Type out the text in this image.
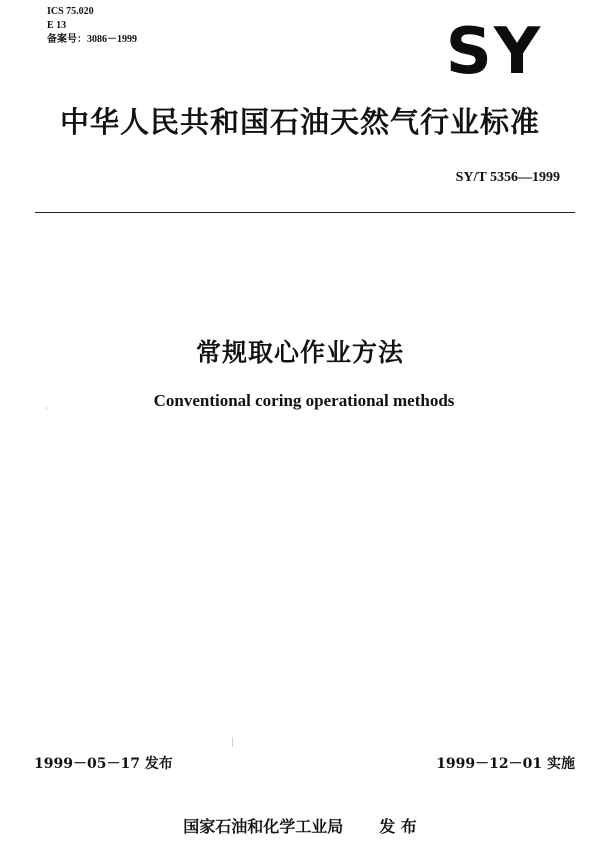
ICS 75.020
E 13
备案号：3086－1999	SY
中华人民共和国石油天然气行业标准
SY/T 5356—1999
常规取心作业方法
Conventional coring operational methods
1999－05－17 发布	1999－12－01 实施
国家石油和化学工业局 发 布
